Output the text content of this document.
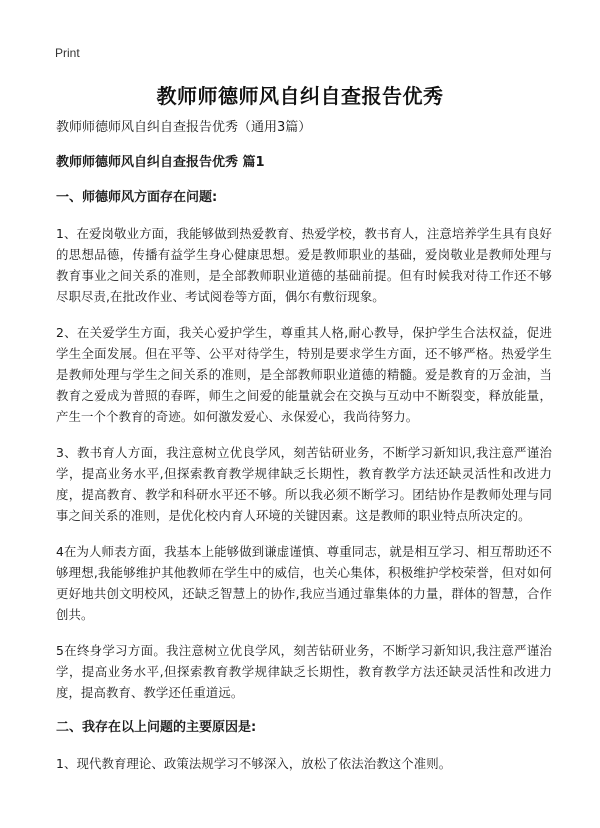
Print
教师师德师风自纠自查报告优秀

教师师德师风自纠自查报告优秀（通用3篇）

教师师德师风自纠自查报告优秀 篇1

一、师德师风方面存在问题:

1、在爱岗敬业方面，我能够做到热爱教育、热爱学校，教书育人，注意培养学生具有良好的思想品德，传播有益学生身心健康思想。爱是教师职业的基础，爱岗敬业是教师处理与教育事业之间关系的准则，是全部教师职业道德的基础前提。但有时候我对待工作还不够尽职尽责,在批改作业、考试阅卷等方面，偶尔有敷衍现象。

2、在关爱学生方面，我关心爱护学生，尊重其人格,耐心教导，保护学生合法权益，促进学生全面发展。但在平等、公平对待学生，特别是要求学生方面，还不够严格。热爱学生是教师处理与学生之间关系的准则，是全部教师职业道德的精髓。爱是教育的万金油，当教育之爱成为普照的春晖，师生之间爱的能量就会在交换与互动中不断裂变，释放能量，产生一个个教育的奇迹。如何激发爱心、永保爱心，我尚待努力。

3、教书育人方面，我注意树立优良学风，刻苦钻研业务，不断学习新知识,我注意严谨治学，提高业务水平,但探索教育教学规律缺乏长期性，教育教学方法还缺灵活性和改进力度，提高教育、教学和科研水平还不够。所以我必须不断学习。团结协作是教师处理与同事之间关系的准则，是优化校内育人环境的关键因素。这是教师的职业特点所决定的。

4在为人师表方面，我基本上能够做到谦虚谨慎、尊重同志，就是相互学习、相互帮助还不够理想,我能够维护其他教师在学生中的威信，也关心集体，积极维护学校荣誉，但对如何更好地共创文明校风，还缺乏智慧上的协作,我应当通过靠集体的力量，群体的智慧，合作创共。

5在终身学习方面。我注意树立优良学风，刻苦钻研业务，不断学习新知识,我注意严谨治学，提高业务水平,但探索教育教学规律缺乏长期性，教育教学方法还缺灵活性和改进力度，提高教育、教学还任重道远。

二、我存在以上问题的主要原因是:

1、现代教育理论、政策法规学习不够深入，放松了依法治教这个准则。
